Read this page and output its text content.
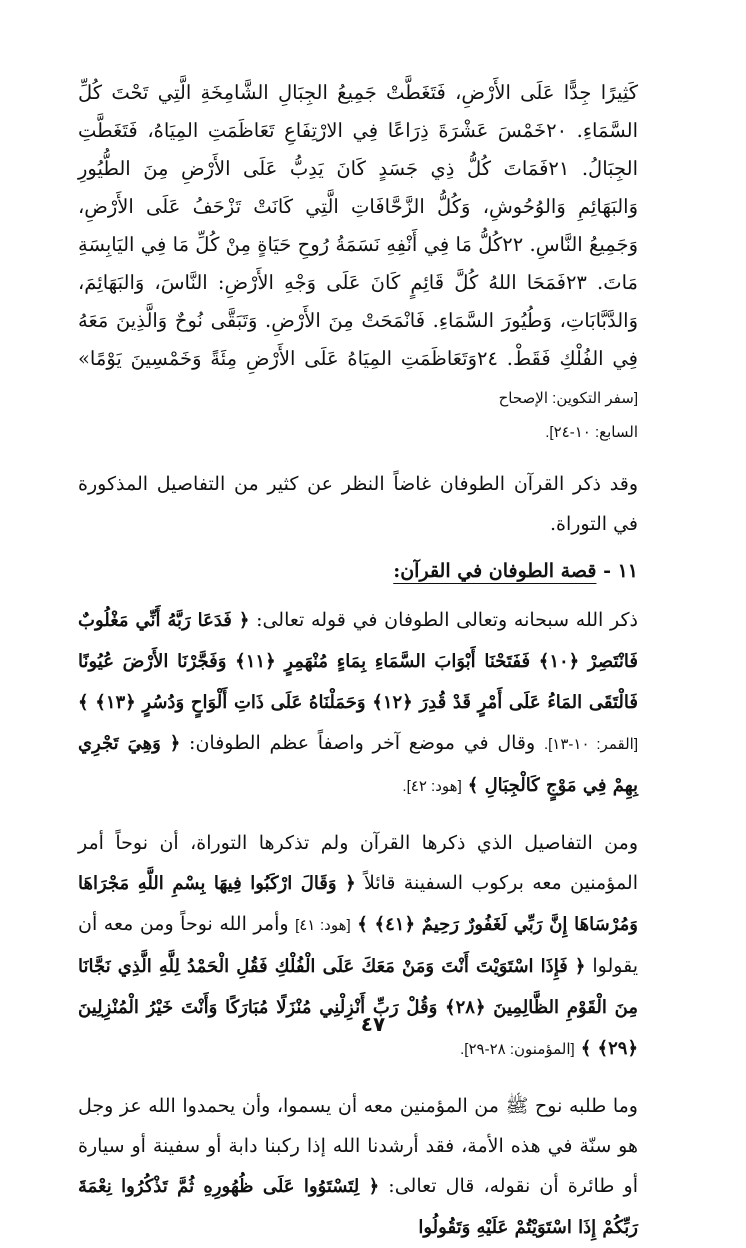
كَثِيرًا جِدًّا عَلَى الأَرْضِ، فَتَغَطَّتْ جَمِيعُ الجِبَالِ الشَّامِخَةِ الَّتِي تَحْتَ كُلِّ السَّمَاءِ. ٢٠خَمْسَ عَشْرَةَ ذِرَاعًا فِي الارْتِفَاعِ تَعَاظَمَتِ المِيَاهُ، فَتَغَطَّتِ الجِبَالُ. ٢١فَمَاتَ كُلُّ ذِي جَسَدٍ كَانَ يَدِبُّ عَلَى الأَرْضِ مِنَ الطُّيُورِ وَالبَهَائِمِ وَالوُحُوشِ، وَكُلُّ الزَّحَّافَاتِ الَّتِي كَانَتْ تَزْحَفُ عَلَى الأَرْضِ، وَجَمِيعُ النَّاسِ. ٢٢كُلُّ مَا فِي أَنْفِهِ نَسَمَةُ رُوحِ حَيَاةٍ مِنْ كُلِّ مَا فِي اليَابِسَةِ مَاتَ. ٢٣فَمَحَا اللهُ كُلَّ قَائِمٍ كَانَ عَلَى وَجْهِ الأَرْضِ: النَّاسَ، وَالبَهَائِمَ، وَالدَّبَّابَاتِ، وَطُيُورَ السَّمَاءِ. فَانْمَحَتْ مِنَ الأَرْضِ. وَتَبَقَّى نُوحٌ وَالَّذِينَ مَعَهُ فِي الفُلْكِ فَقَطْ. ٢٤وَتَعَاظَمَتِ المِيَاهُ عَلَى الأَرْضِ مِئَةً وَخَمْسِينَ يَوْمًا» [سفر التكوين: الإصحاح

السابع: ١٠-٢٤].

وقد ذكر القرآن الطوفان غاضاً النظر عن كثير من التفاصيل المذكورة في التوراة.

١١ - قصة الطوفان في القرآن:

ذكر الله سبحانه وتعالى الطوفان في قوله تعالى: ﴿ فَدَعَا رَبَّهُ أَنِّي مَغْلُوبٌ فَانْتَصِرْ ﴿١٠﴾ فَفَتَحْنَا أَبْوَابَ السَّمَاءِ بِمَاءٍ مُنْهَمِرٍ ﴿١١﴾ وَفَجَّرْنَا الأَرْضَ عُيُونًا فَالْتَقَى المَاءُ عَلَى أَمْرٍ قَدْ قُدِرَ ﴿١٢﴾ وَحَمَلْنَاهُ عَلَى ذَاتِ أَلْوَاحٍ وَدُسُرٍ ﴿١٣﴾ ﴾ [القمر: ١٠-١٣]. وقال في موضع آخر واصفاً عظم الطوفان: ﴿ وَهِيَ تَجْرِي بِهِمْ فِي مَوْجٍ كَالْجِبَالِ ﴾ [هود: ٤٢].

ومن التفاصيل الذي ذكرها القرآن ولم تذكرها التوراة، أن نوحاً أمر المؤمنين معه بركوب السفينة قائلاً ﴿ وَقَالَ ارْكَبُوا فِيهَا بِسْمِ اللَّهِ مَجْرَاهَا وَمُرْسَاهَا إِنَّ رَبِّي لَغَفُورٌ رَحِيمٌ ﴿٤١﴾ ﴾ [هود: ٤١] وأمر الله نوحاً ومن معه أن يقولوا ﴿ فَإِذَا اسْتَوَيْتَ أَنْتَ وَمَنْ مَعَكَ عَلَى الْفُلْكِ فَقُلِ الْحَمْدُ لِلَّهِ الَّذِي نَجَّانَا مِنَ الْقَوْمِ الظَّالِمِينَ ﴿٢٨﴾ وَقُلْ رَبِّ أَنْزِلْنِي مُنْزَلًا مُبَارَكًا وَأَنْتَ خَيْرُ الْمُنْزِلِينَ ﴿٢٩﴾ ﴾ [المؤمنون: ٢٨-٢٩].

وما طلبه نوح ﷺ من المؤمنين معه أن يسموا، وأن يحمدوا الله عز وجل هو سنّة في هذه الأمة، فقد أرشدنا الله إذا ركبنا دابة أو سفينة أو سيارة أو طائرة أن نقوله، قال تعالى: ﴿ لِتَسْتَوُوا عَلَى ظُهُورِهِ ثُمَّ تَذْكُرُوا نِعْمَةَ رَبِّكُمْ إِذَا اسْتَوَيْتُمْ عَلَيْهِ وَتَقُولُوا

٤٧
